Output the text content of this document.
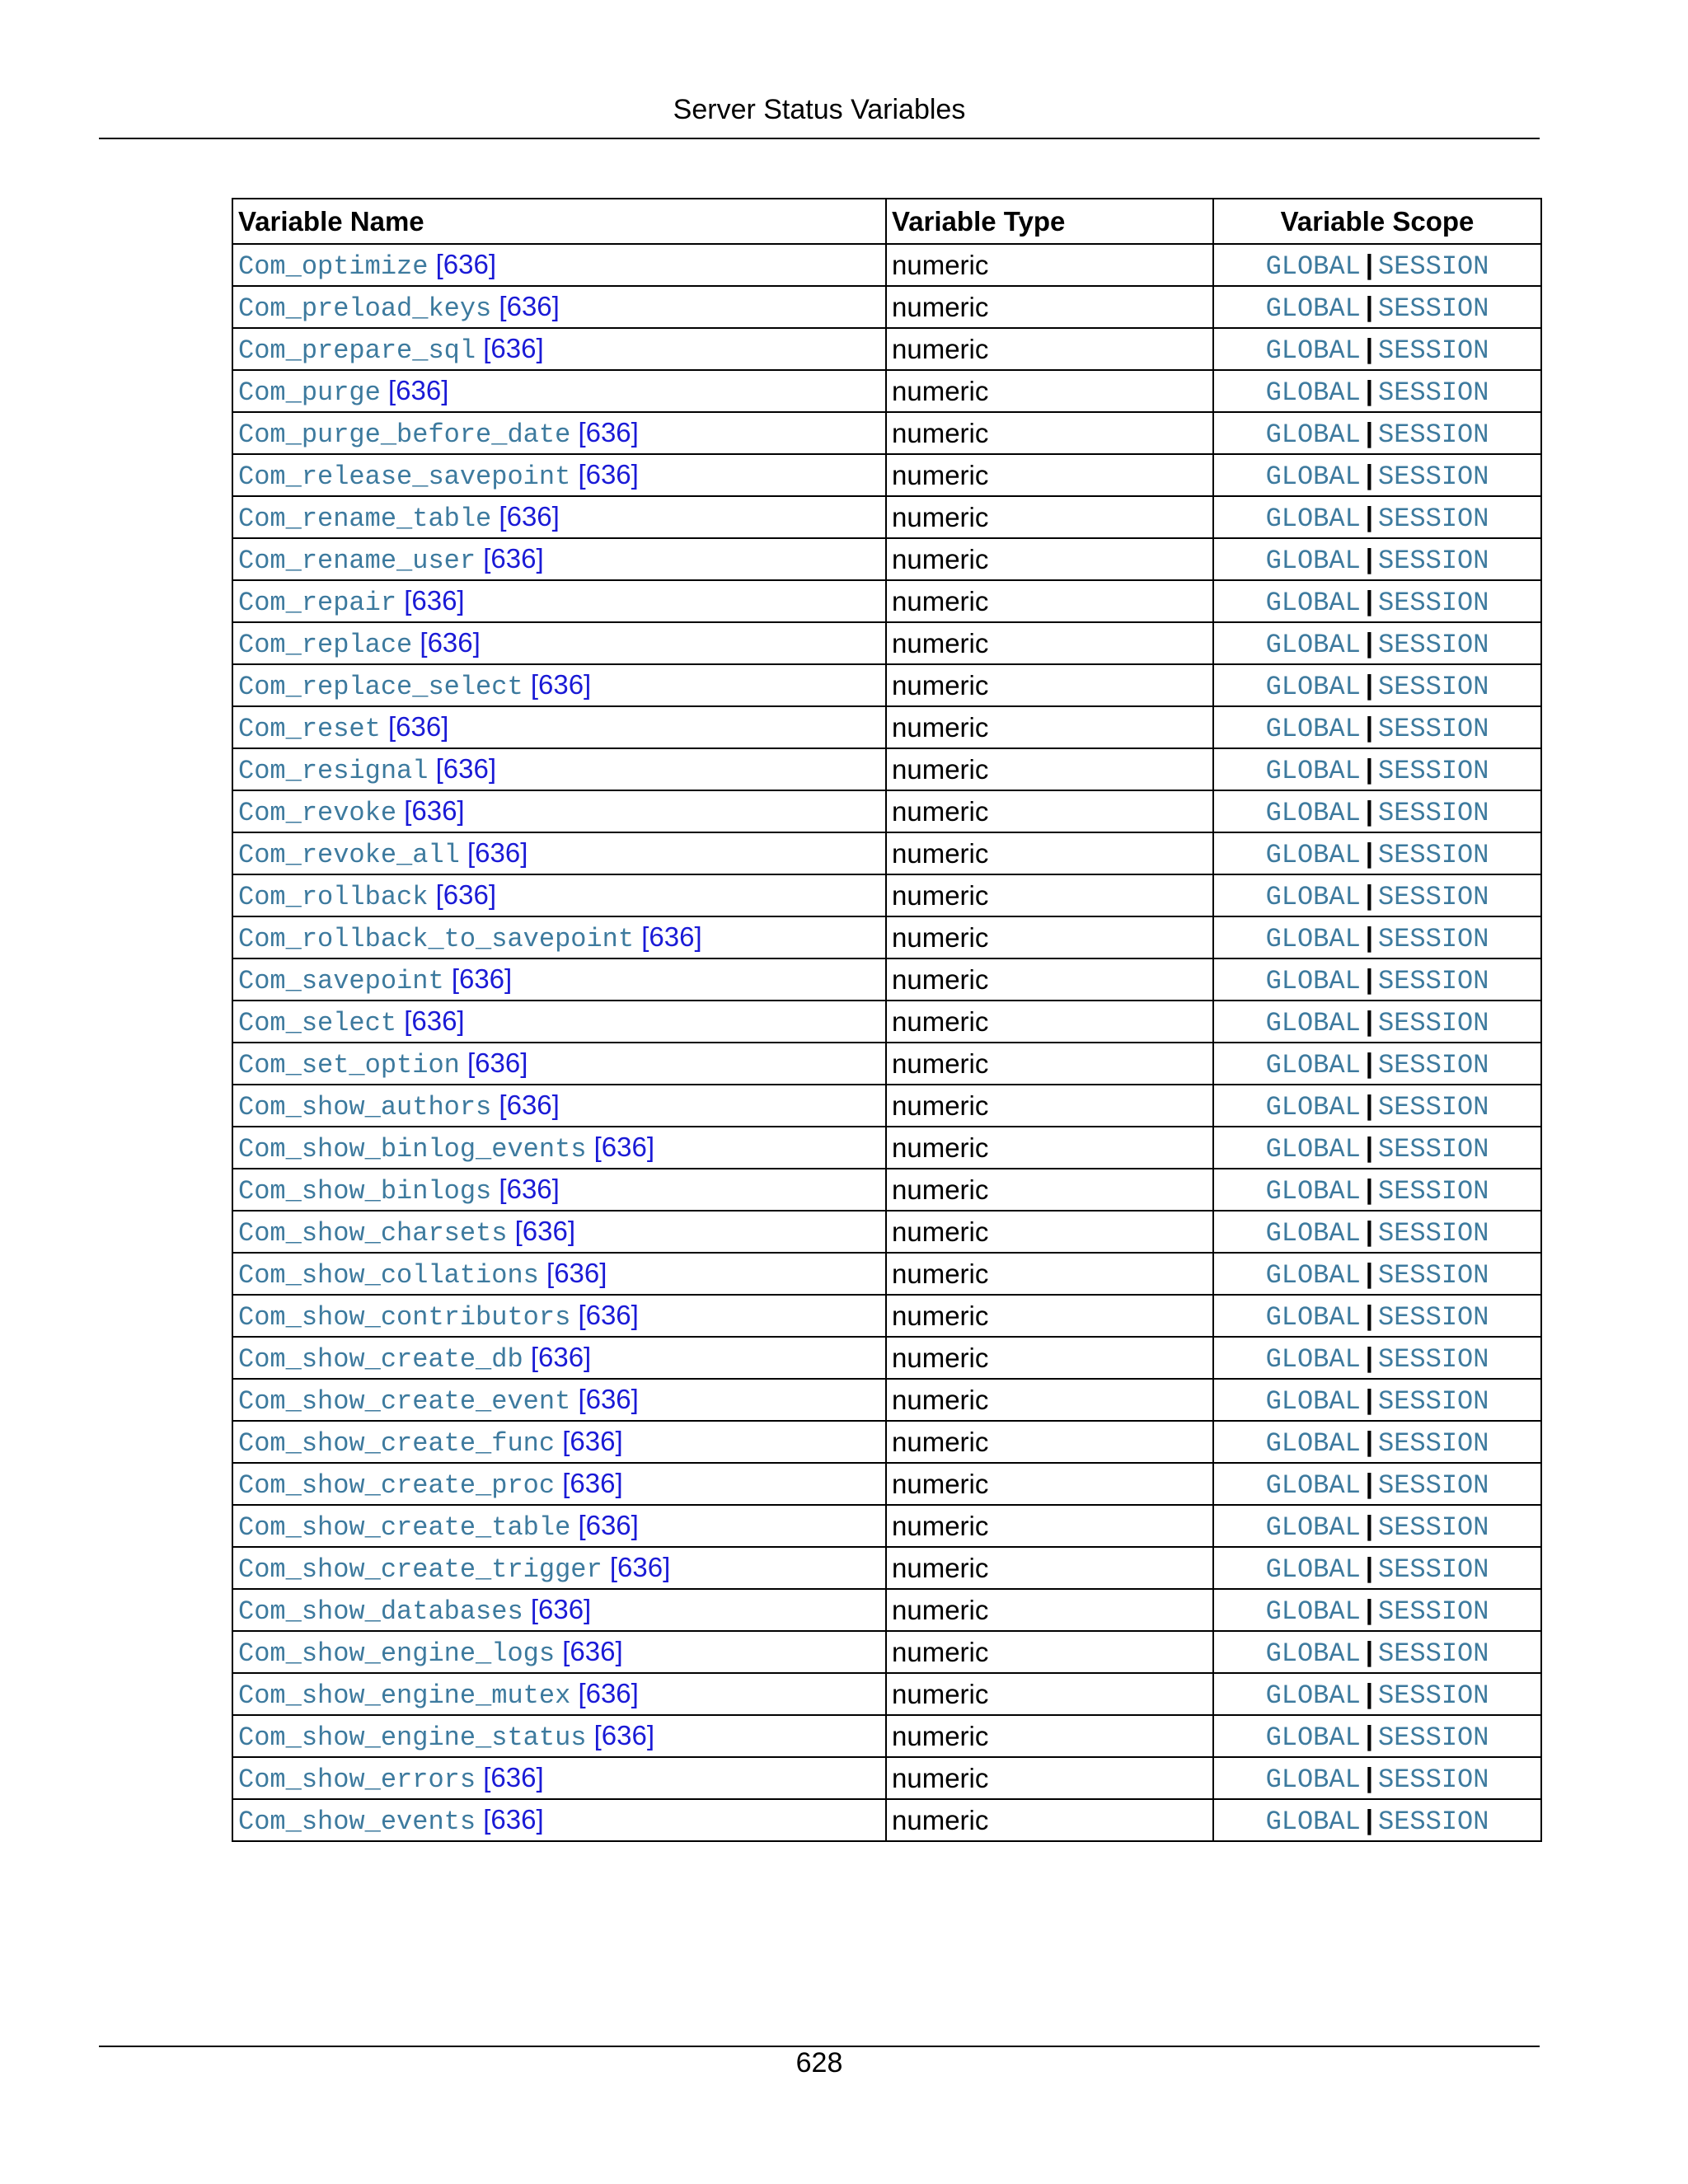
Server Status Variables
Variable Name	Variable Type	Variable Scope
Com_optimize [636]	numeric	GLOBAL | SESSION
Com_preload_keys [636]	numeric	GLOBAL | SESSION
Com_prepare_sql [636]	numeric	GLOBAL | SESSION
Com_purge [636]	numeric	GLOBAL | SESSION
Com_purge_before_date [636]	numeric	GLOBAL | SESSION
Com_release_savepoint [636]	numeric	GLOBAL | SESSION
Com_rename_table [636]	numeric	GLOBAL | SESSION
Com_rename_user [636]	numeric	GLOBAL | SESSION
Com_repair [636]	numeric	GLOBAL | SESSION
Com_replace [636]	numeric	GLOBAL | SESSION
Com_replace_select [636]	numeric	GLOBAL | SESSION
Com_reset [636]	numeric	GLOBAL | SESSION
Com_resignal [636]	numeric	GLOBAL | SESSION
Com_revoke [636]	numeric	GLOBAL | SESSION
Com_revoke_all [636]	numeric	GLOBAL | SESSION
Com_rollback [636]	numeric	GLOBAL | SESSION
Com_rollback_to_savepoint [636]	numeric	GLOBAL | SESSION
Com_savepoint [636]	numeric	GLOBAL | SESSION
Com_select [636]	numeric	GLOBAL | SESSION
Com_set_option [636]	numeric	GLOBAL | SESSION
Com_show_authors [636]	numeric	GLOBAL | SESSION
Com_show_binlog_events [636]	numeric	GLOBAL | SESSION
Com_show_binlogs [636]	numeric	GLOBAL | SESSION
Com_show_charsets [636]	numeric	GLOBAL | SESSION
Com_show_collations [636]	numeric	GLOBAL | SESSION
Com_show_contributors [636]	numeric	GLOBAL | SESSION
Com_show_create_db [636]	numeric	GLOBAL | SESSION
Com_show_create_event [636]	numeric	GLOBAL | SESSION
Com_show_create_func [636]	numeric	GLOBAL | SESSION
Com_show_create_proc [636]	numeric	GLOBAL | SESSION
Com_show_create_table [636]	numeric	GLOBAL | SESSION
Com_show_create_trigger [636]	numeric	GLOBAL | SESSION
Com_show_databases [636]	numeric	GLOBAL | SESSION
Com_show_engine_logs [636]	numeric	GLOBAL | SESSION
Com_show_engine_mutex [636]	numeric	GLOBAL | SESSION
Com_show_engine_status [636]	numeric	GLOBAL | SESSION
Com_show_errors [636]	numeric	GLOBAL | SESSION
Com_show_events [636]	numeric	GLOBAL | SESSION
628
